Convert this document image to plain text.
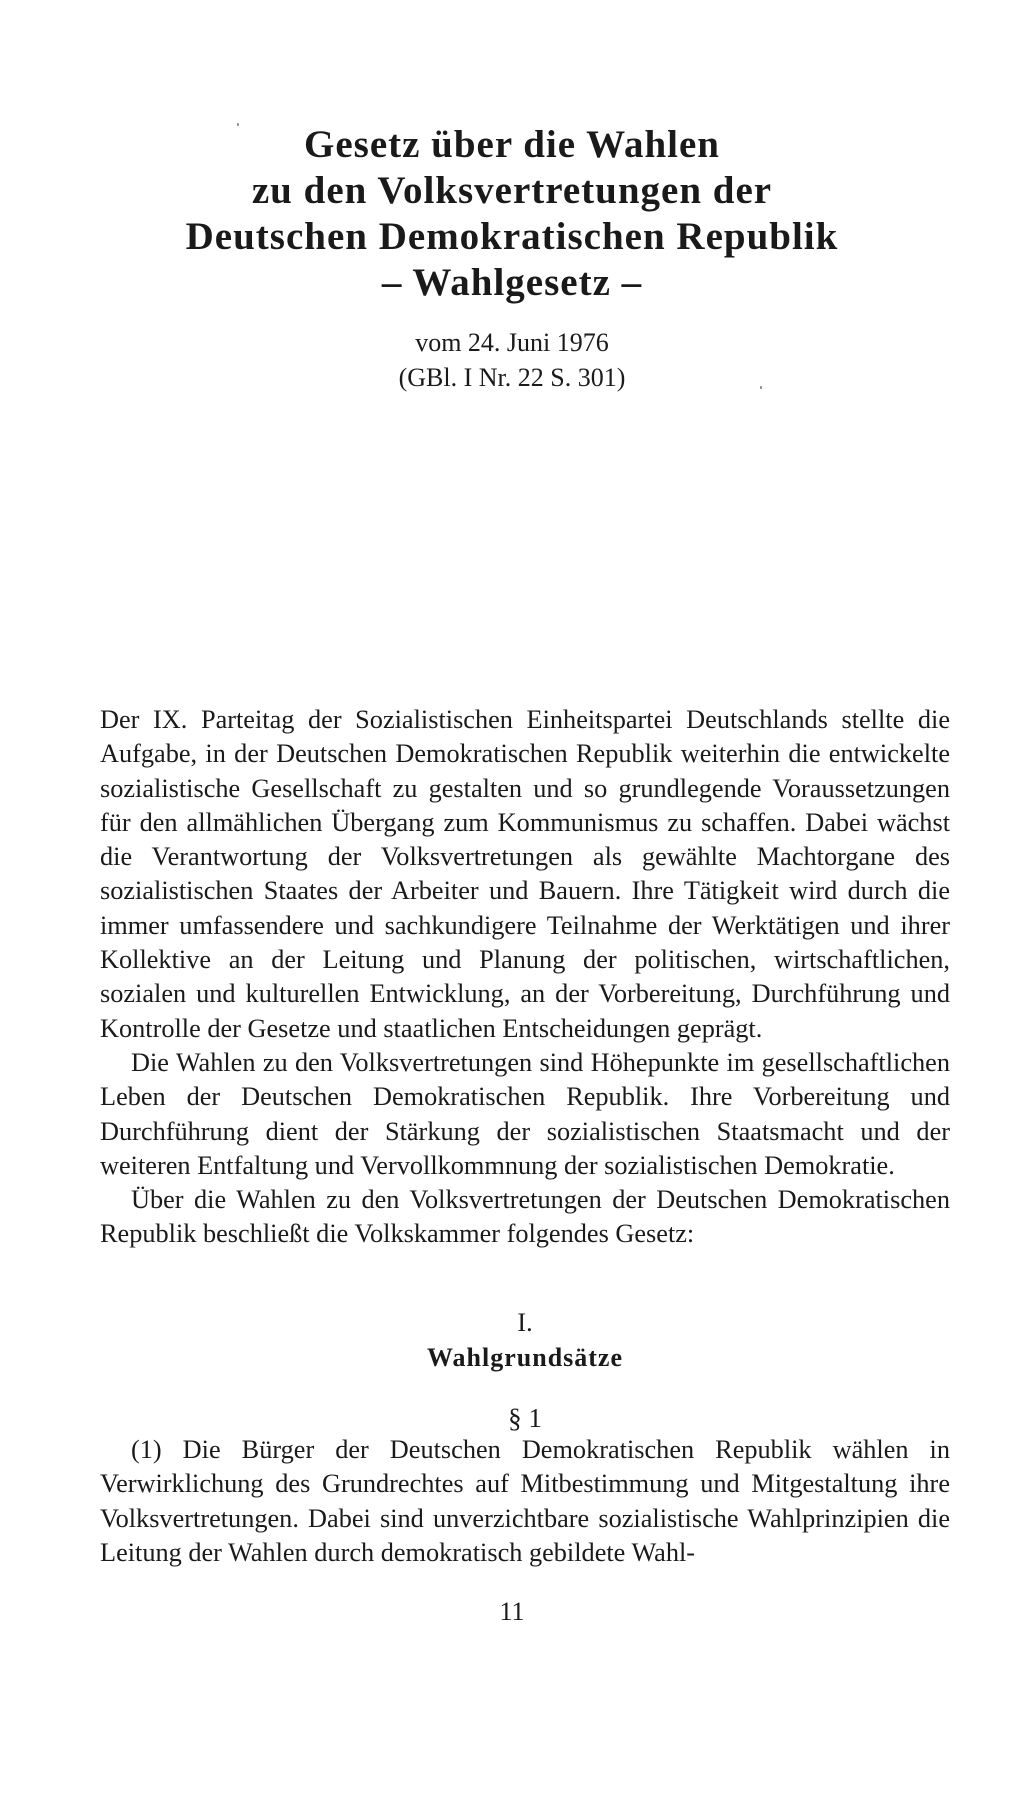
Gesetz über die Wahlen
zu den Volksvertretungen der
Deutschen Demokratischen Republik
– Wahlgesetz –
vom 24. Juni 1976
(GBl. I Nr. 22 S. 301)

Der IX. Parteitag der Sozialistischen Einheitspartei Deutschlands stellte die Aufgabe, in der Deutschen Demokratischen Republik weiterhin die entwickelte sozialistische Gesellschaft zu gestalten und so grundlegende Voraussetzungen für den allmählichen Übergang zum Kommunismus zu schaffen. Dabei wächst die Verantwortung der Volksvertretungen als gewählte Machtorgane des sozialistischen Staates der Arbeiter und Bauern. Ihre Tätigkeit wird durch die immer umfassendere und sachkundigere Teilnahme der Werktätigen und ihrer Kollektive an der Leitung und Planung der politischen, wirtschaftlichen, sozialen und kulturellen Entwicklung, an der Vorbereitung, Durchführung und Kontrolle der Gesetze und staatlichen Entscheidungen geprägt.

Die Wahlen zu den Volksvertretungen sind Höhepunkte im gesellschaftlichen Leben der Deutschen Demokratischen Republik. Ihre Vorbereitung und Durchführung dient der Stärkung der sozialistischen Staatsmacht und der weiteren Entfaltung und Vervollkommnung der sozialistischen Demokratie.

Über die Wahlen zu den Volksvertretungen der Deutschen Demokratischen Republik beschließt die Volkskammer folgendes Gesetz:

I.
Wahlgrundsätze
§ 1

(1) Die Bürger der Deutschen Demokratischen Republik wählen in Verwirklichung des Grundrechtes auf Mitbestimmung und Mitgestaltung ihre Volksvertretungen. Dabei sind unverzichtbare sozialistische Wahlprinzipien die Leitung der Wahlen durch demokratisch gebildete Wahl-

11
